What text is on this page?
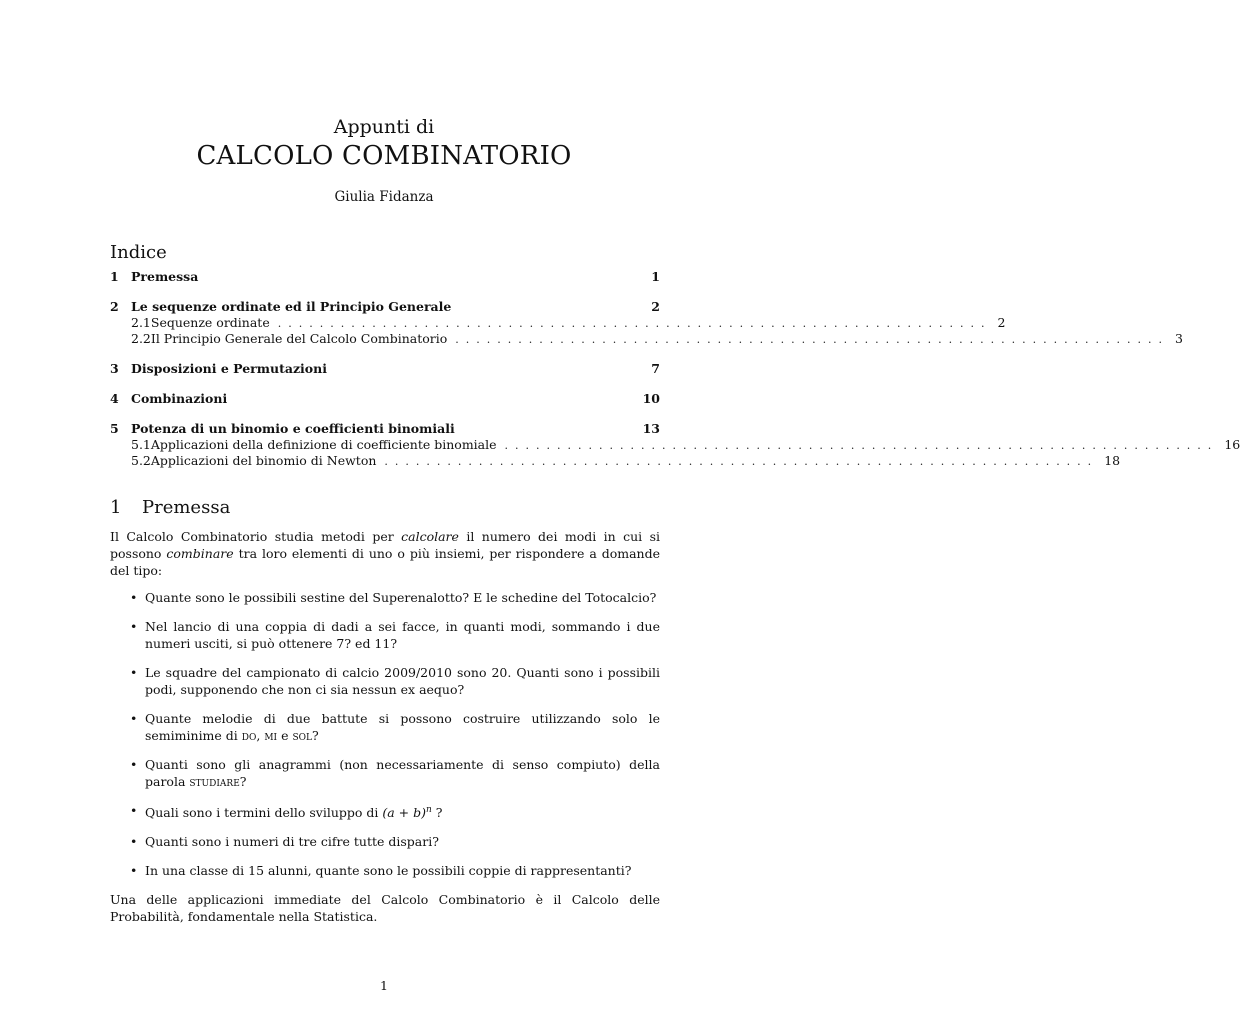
Appunti di
CALCOLO COMBINATORIO
Giulia Fidanza
Indice
1 Premessa	1
2 Le sequenze ordinate ed il Principio Generale	2
2.1 Sequenze ordinate .................................................................... 2
2.2 Il Principio Generale del Calcolo Combinatorio .................................................................... 3
3 Disposizioni e Permutazioni	7
4 Combinazioni	10
5 Potenza di un binomio e coefficienti binomiali	13
5.1 Applicazioni della definizione di coefficiente binomiale .................................................................... 16
5.2 Applicazioni del binomio di Newton .................................................................... 18
1 Premessa

Il Calcolo Combinatorio studia metodi per calcolare il numero dei modi in cui si possono combinare tra loro elementi di uno o più insiemi, per rispondere a domande del tipo:

• Quante sono le possibili sestine del Superenalotto? E le schedine del Totocalcio?
• Nel lancio di una coppia di dadi a sei facce, in quanti modi, sommando i due numeri usciti, si può ottenere 7? ed 11?
• Le squadre del campionato di calcio 2009/2010 sono 20. Quanti sono i possibili podi, supponendo che non ci sia nessun ex aequo?
• Quante melodie di due battute si possono costruire utilizzando solo le semiminime di do, mi e sol?
• Quanti sono gli anagrammi (non necessariamente di senso compiuto) della parola studiare?
• Quali sono i termini dello sviluppo di $(a + b)^n$ ?
• Quanti sono i numeri di tre cifre tutte dispari?
• In una classe di 15 alunni, quante sono le possibili coppie di rappresentanti?

Una delle applicazioni immediate del Calcolo Combinatorio è il Calcolo delle Probabilità, fondamentale nella Statistica.

1
